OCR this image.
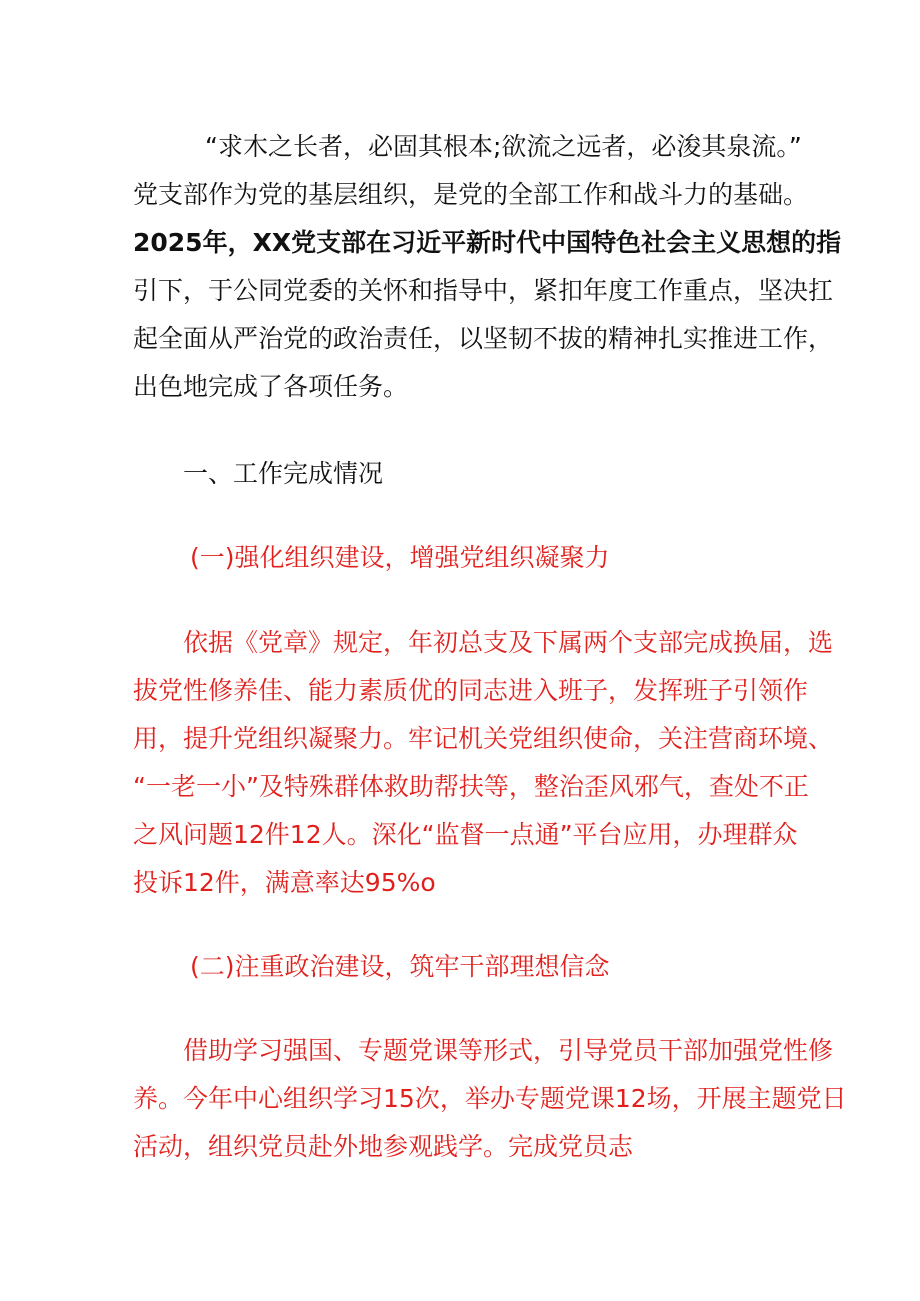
“求木之长者，必固其根本;欲流之远者，必浚其泉流。”
党支部作为党的基层组织，是党的全部工作和战斗力的基础。
2025年，XX党支部在习近平新时代中国特色社会主义思想的指
引下，于公同党委的关怀和指导中，紧扣年度工作重点，坚决扛
起全面从严治党的政治责任，以坚韧不拔的精神扎实推进工作，
出色地完成了各项任务。
一、工作完成情况
(一)强化组织建设，增强党组织凝聚力
依据《党章》规定，年初总支及下属两个支部完成换届，选
拔党性修养佳、能力素质优的同志进入班子，发挥班子引领作
用，提升党组织凝聚力。牢记机关党组织使命，关注营商环境、
“一老一小”及特殊群体救助帮扶等，整治歪风邪气，查处不正
之风问题12件12人。深化“监督一点通”平台应用，办理群众
投诉12件，满意率达95%o
(二)注重政治建设，筑牢干部理想信念
借助学习强国、专题党课等形式，引导党员干部加强党性修
养。今年中心组织学习15次，举办专题党课12场，开展主题党日
活动，组织党员赴外地参观践学。完成党员志
